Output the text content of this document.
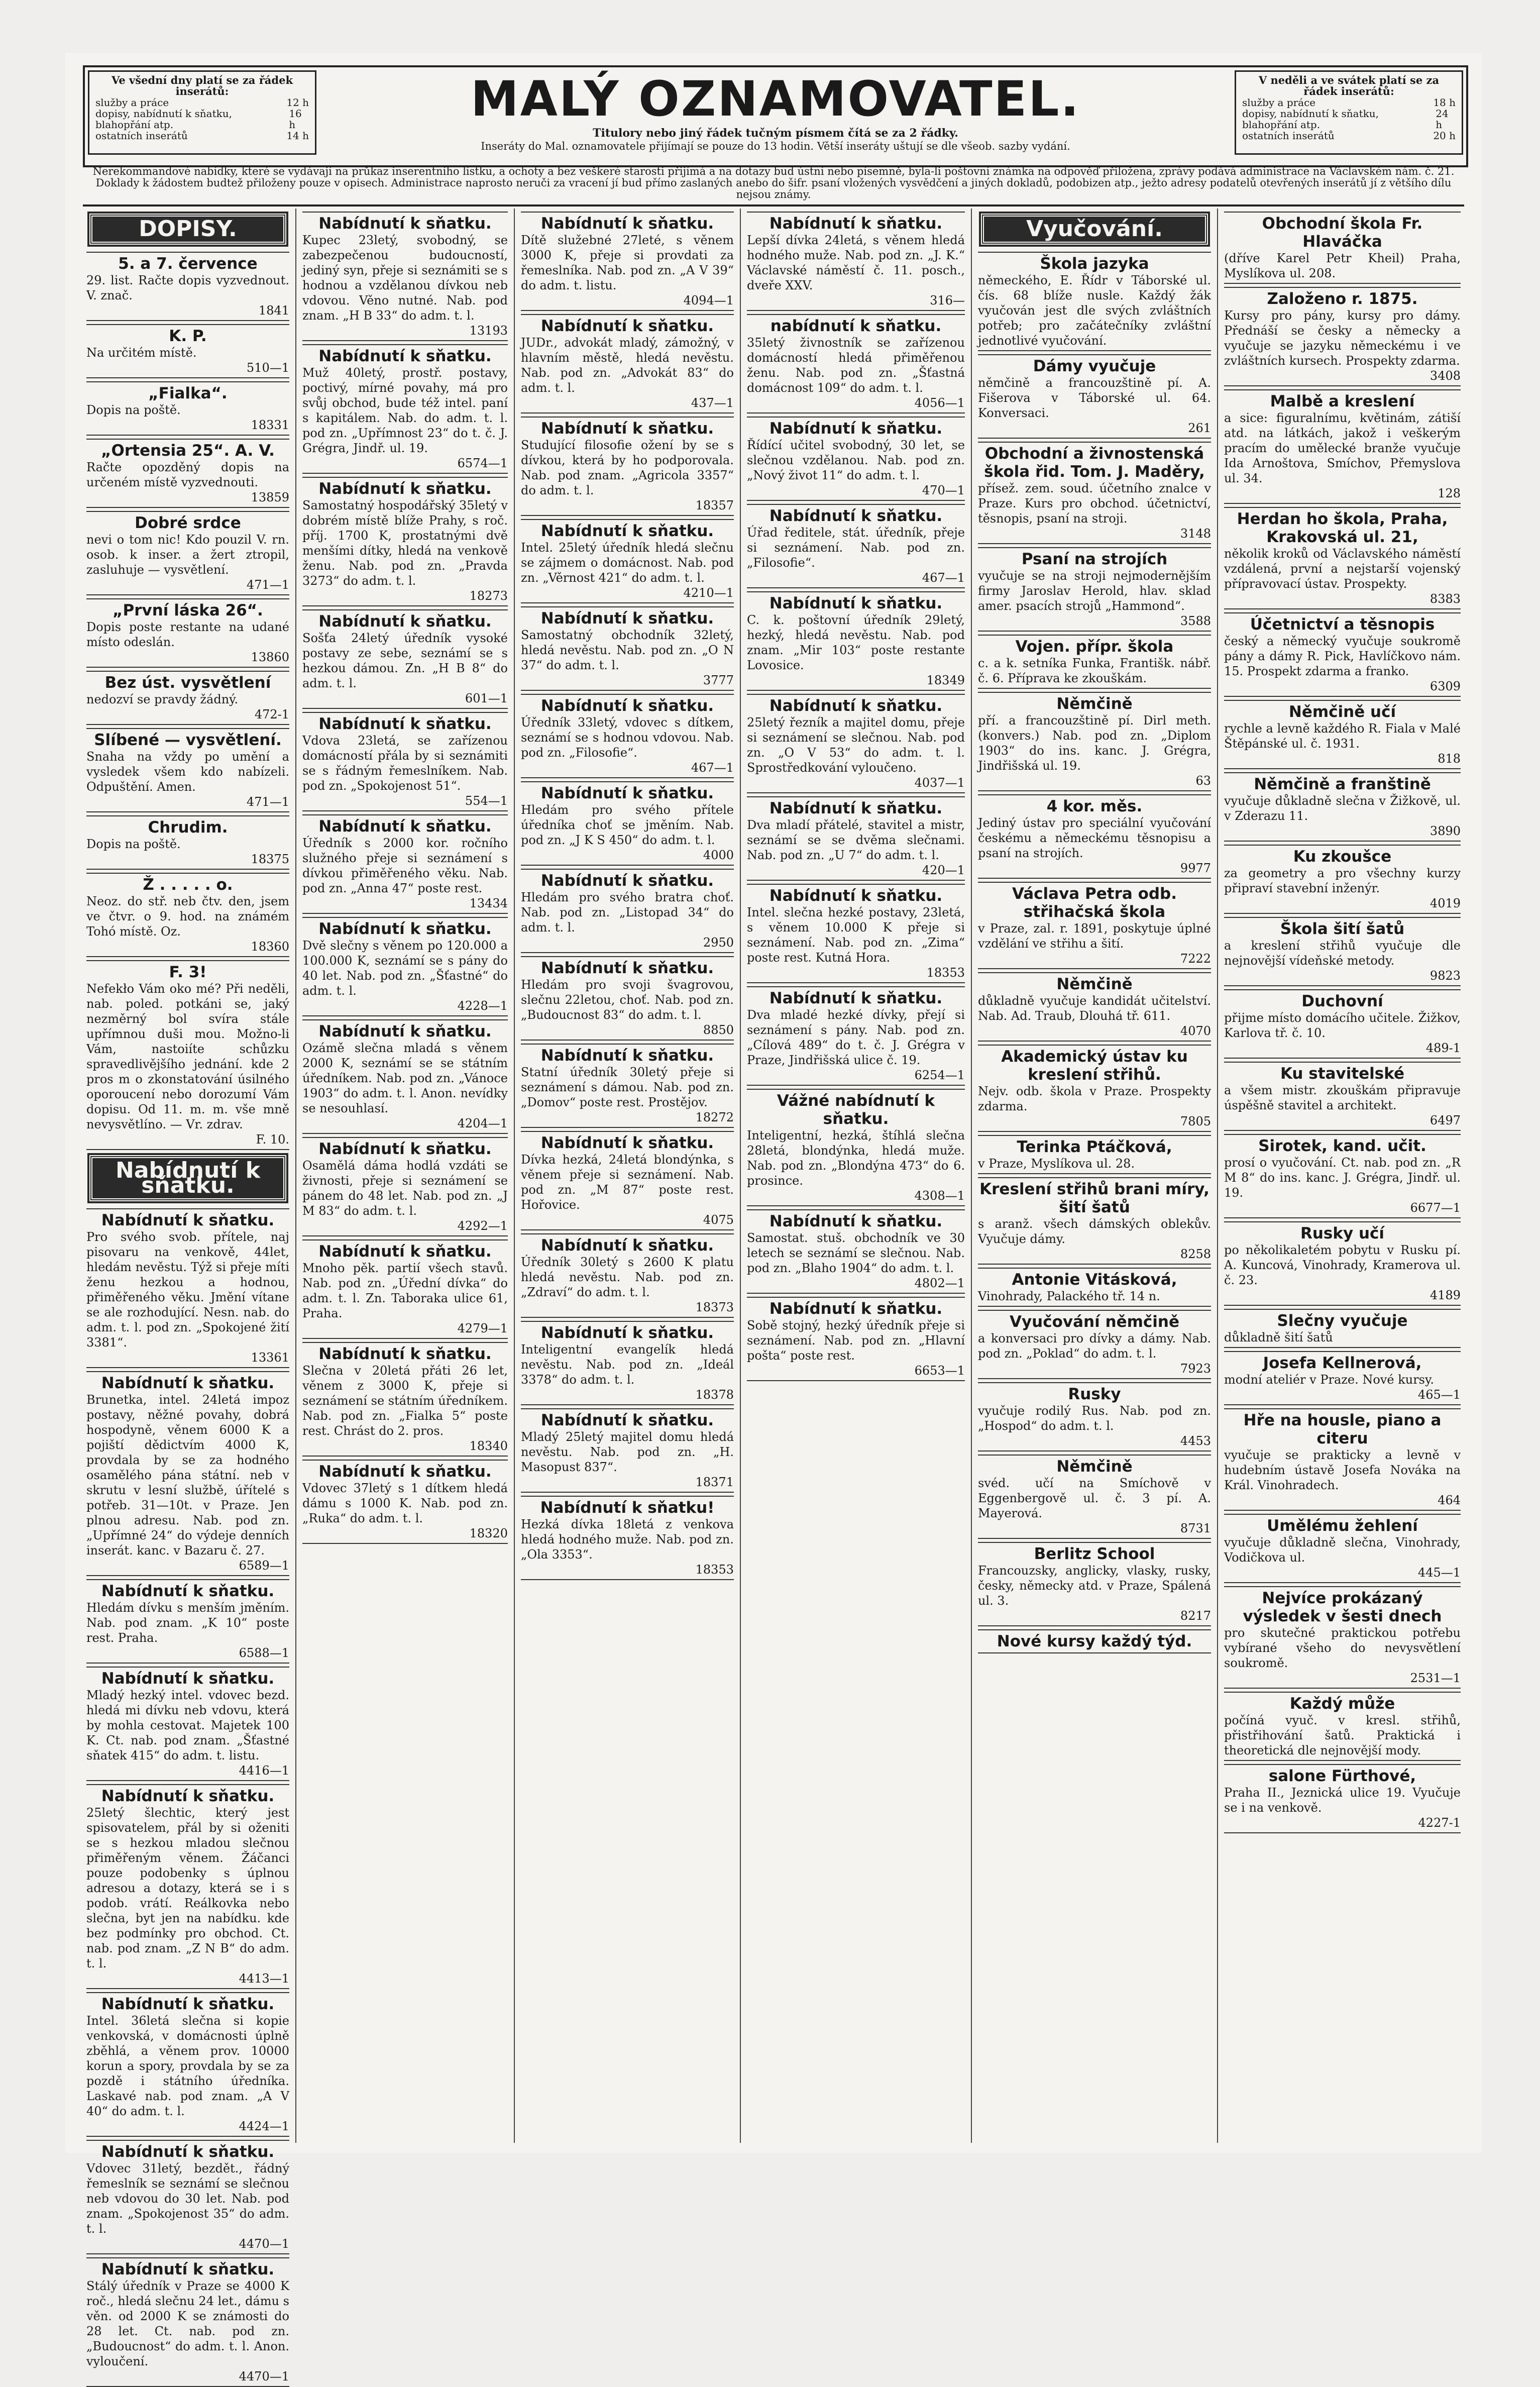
Ve všední dny platí se za řádek inserátů:
služby a práce	12 h
dopisy, nabídnutí k sňatku, blahopřání atp.
16 h
ostatních inserátů	14 h
MALÝ OZNAMOVATEL.
Titulory nebo jiný řádek tučným písmem čítá se za 2 řádky.
Inseráty do Mal. oznamovatele přijímají se pouze do 13 hodin. Větší inseráty uštují se dle všeob. sazby vydání.
V neděli a ve svátek platí se za řádek inserátů:
služby a práce	18 h
dopisy, nabídnutí k sňatku, blahopřání atp.
24 h
ostatních inserátů	20 h
Nerekommandové nabídky, které se vydávají na průkaz inserentního lístku, a ochoty a bez veškeré starosti přijímá a na dotazy bud ústní nebo písemně, byla-li poštovní známka na odpověď přiložena, zprávy podává administrace na Václavském nám. č. 21. Doklady k žádostem budtež přiloženy pouze v opisech. Administrace naprosto neruči za vracení jí bud přímo zaslaných anebo do šifr. psaní vložených vysvědčení a jiných dokladů, podobizen atp., ježto adresy podatelů otevřených inserátů jí z většího dílu nejsou známy.
DOPISY.
5. a 7. července

29. list. Račte dopis vyzvednout. V. znač.

1841
K. P.

Na určitém místě.

510—1
„Fialka“.

Dopis na poště.

18331
„Ortensia 25“. A. V.

Račte opozděný dopis na určeném místě vyzvednouti.

13859
Dobré srdce

nevi o tom nic! Kdo pouzil V. rn. osob. k inser. a žert ztropil, zasluhuje — vysvětlení.

471—1
„První láska 26“.

Dopis poste restante na udané místo odeslán.

13860
Bez úst. vysvětlení

nedozví se pravdy žádný.

472-1
Slíbené — vysvětlení.

Snaha na vždy po umění a vysledek všem kdo nabízeli. Odpuštění. Amen.

471—1
Chrudim.

Dopis na poště.

18375
Ž . . . . . o.

Neoz. do stř. neb čtv. den, jsem ve čtvr. o 9. hod. na známém Tohó místě. Oz.

18360
F. 3!

Nefekło Vám oko mé? Při neděli, nab. poled. potkáni se, jaký nezměrný bol svíra stále upřímnou duši mou. Možno-li Vám, nastoiíte schůzku spravedlivějšího jednání. kde 2 pros m o zkonstatování úsilného oporoucení nebo dorozumí Vám dopisu. Od 11. m. m. vše mně nevysvětlíno. — Vr. zdrav.

F. 10.
Nabídnutí k sňatku.
Nabídnutí k sňatku.

Pro svého svob. přítele, naj pisovaru na venkově, 44let, hledám nevěstu. Týž si přeje míti ženu hezkou a hodnou, přiměřeného věku. Jmění vítane se ale rozhodující. Nesn. nab. do adm. t. l. pod zn. „Spokojené žití 3381“.

13361
Nabídnutí k sňatku.

Brunetka, intel. 24letá impoz postavy, něžné povahy, dobrá hospodyně, věnem 6000 K a pojiští dědictvím 4000 K, provdala by se za hodného osamělého pána státní. neb v skrutu v lesní službě, úřítelé s potřeb. 31—10t. v Praze. Jen plnou adresu. Nab. pod zn. „Upřímné 24“ do výdeje denních inserát. kanc. v Bazaru č. 27.

6589—1
Nabídnutí k sňatku.

Hledám dívku s menším jměním. Nab. pod znam. „K 10“ poste rest. Praha.

6588—1
Nabídnutí k sňatku.

Mladý hezký intel. vdovec bezd. hledá mi dívku neb vdovu, která by mohla cestovat. Majetek 100 K. Ct. nab. pod znam. „Šťastné sňatek 415“ do adm. t. listu.

4416—1
Nabídnutí k sňatku.

25letý šlechtic, který jest spisovatelem, přál by si oženiti se s hezkou mladou slečnou přiměřeným věnem. Žáčanci pouze podobenky s úplnou adresou a dotazy, která se i s podob. vrátí. Reálkovka nebo slečna, byt jen na nabídku. kde bez podmínky pro obchod. Ct. nab. pod znam. „Z N B“ do adm. t. l.

4413—1
Nabídnutí k sňatku.

Intel. 36letá slečna si kopie venkovská, v domácnosti úplně zběhlá, a věnem prov. 10000 korun a spory, provdala by se za pozdě i státního úředníka. Laskavé nab. pod znam. „A V 40“ do adm. t. l.

4424—1
Nabídnutí k sňatku.

Vdovec 31letý, bezdět., řádný řemeslník se seznámí se slečnou neb vdovou do 30 let. Nab. pod znam. „Spokojenost 35“ do adm. t. l.

4470—1
Nabídnutí k sňatku.

Stálý úředník v Praze se 4000 K roč., hledá slečnu 24 let., dámu s věn. od 2000 K se známosti do 28 let. Ct. nab. pod zn. „Budoucnost“ do adm. t. l. Anon. vyloučení.

4470—1
Nabídnutí k sňatku.

Kupec 23letý, svobodný, se zabezpečenou budoucností, jediný syn, přeje si seznámiti se s hodnou a vzdělanou dívkou neb vdovou. Věno nutné. Nab. pod znam. „H B 33“ do adm. t. l.

13193
Nabídnutí k sňatku.

Muž 40letý, prostř. postavy, poctivý, mírné povahy, má pro svůj obchod, bude též intel. paní s kapitálem. Nab. do adm. t. l. pod zn. „Upřímnost 23“ do t. č. J. Grégra, Jindř. ul. 19.

6574—1
Nabídnutí k sňatku.

Samostatný hospodářský 35letý v dobrém místě blíže Prahy, s roč. příj. 1700 K, prostatnými dvě menšími dítky, hledá na venkově ženu. Nab. pod zn. „Pravda 3273“ do adm. t. l.

18273
Nabídnutí k sňatku.

Sošťa 24letý úředník vysoké postavy ze sebe, seznámí se s hezkou dámou. Zn. „H B 8“ do adm. t. l.

601—1
Nabídnutí k sňatku.

Vdova 23letá, se zařízenou domácností přála by si seznámiti se s řádným řemeslníkem. Nab. pod zn. „Spokojenost 51“.

554—1
Nabídnutí k sňatku.

Úředník s 2000 kor. ročního služného přeje si seznámení s dívkou přiměřeného věku. Nab. pod zn. „Anna 47“ poste rest.

13434
Nabídnutí k sňatku.

Dvě slečny s věnem po 120.000 a 100.000 K, seznámí se s pány do 40 let. Nab. pod zn. „Šťastné“ do adm. t. l.

4228—1
Nabídnutí k sňatku.

Ozámě slečna mladá s věnem 2000 K, seznámí se se státním úředníkem. Nab. pod zn. „Vánoce 1903“ do adm. t. l. Anon. nevídky se nesouhlasí.

4204—1
Nabídnutí k sňatku.

Osamělá dáma hodlá vzdáti se živnosti, přeje si seznámení se pánem do 48 let. Nab. pod zn. „J M 83“ do adm. t. l.

4292—1
Nabídnutí k sňatku.

Mnoho pěk. partií všech stavů. Nab. pod zn. „Úřední dívka“ do adm. t. l. Zn. Taboraka ulice 61, Praha.

4279—1
Nabídnutí k sňatku.

Slečna v 20letá přáti 26 let, věnem z 3000 K, přeje si seznámení se státním úředníkem. Nab. pod zn. „Fialka 5“ poste rest. Chrást do 2. pros.

18340
Nabídnutí k sňatku.

Vdovec 37letý s 1 dítkem hledá dámu s 1000 K. Nab. pod zn. „Ruka“ do adm. t. l.

18320
Nabídnutí k sňatku.

Dítě služebné 27leté, s věnem 3000 K, přeje si provdati za řemeslníka. Nab. pod zn. „A V 39“ do adm. t. listu.

4094—1
Nabídnutí k sňatku.

JUDr., advokát mladý, zámožný, v hlavním městě, hledá nevěstu. Nab. pod zn. „Advokát 83“ do adm. t. l.

437—1
Nabídnutí k sňatku.

Studující filosofie ožení by se s dívkou, která by ho podporovala. Nab. pod znam. „Agricola 3357“ do adm. t. l.

18357
Nabídnutí k sňatku.

Intel. 25letý úředník hledá slečnu se zájmem o domácnost. Nab. pod zn. „Věrnost 421“ do adm. t. l.

4210—1
Nabídnutí k sňatku.

Samostatný obchodník 32letý, hledá nevěstu. Nab. pod zn. „O N 37“ do adm. t. l.

3777
Nabídnutí k sňatku.

Úředník 33letý, vdovec s dítkem, seznámí se s hodnou vdovou. Nab. pod zn. „Filosofie“.

467—1
Nabídnutí k sňatku.

Hledám pro svého přítele úředníka choť se jměním. Nab. pod zn. „J K S 450“ do adm. t. l.

4000
Nabídnutí k sňatku.

Hledám pro svého bratra choť. Nab. pod zn. „Listopad 34“ do adm. t. l.

2950
Nabídnutí k sňatku.

Hledám pro svoji švagrovou, slečnu 22letou, choť. Nab. pod zn. „Budoucnost 83“ do adm. t. l.

8850
Nabídnutí k sňatku.

Statní úředník 30letý přeje si seznámení s dámou. Nab. pod zn. „Domov“ poste rest. Prostějov.

18272
Nabídnutí k sňatku.

Dívka hezká, 24letá blondýnka, s věnem přeje si seznámení. Nab. pod zn. „M 87“ poste rest. Hořovice.

4075
Nabídnutí k sňatku.

Úředník 30letý s 2600 K platu hledá nevěstu. Nab. pod zn. „Zdraví“ do adm. t. l.

18373
Nabídnutí k sňatku.

Inteligentní evangelík hledá nevěstu. Nab. pod zn. „Ideál 3378“ do adm. t. l.

18378
Nabídnutí k sňatku.

Mladý 25letý majitel domu hledá nevěstu. Nab. pod zn. „H. Masopust 837“.

18371
Nabídnutí k sňatku!

Hezká dívka 18letá z venkova hledá hodného muže. Nab. pod zn. „Ola 3353“.

18353
Nabídnutí k sňatku.

Lepší dívka 24letá, s věnem hledá hodného muže. Nab. pod zn. „J. K.“ Václavské náměstí č. 11. posch., dveře XXV.

316—
nabídnutí k sňatku.

35letý živnostník se zařízenou domácností hledá přiměřenou ženu. Nab. pod zn. „Šťastná domácnost 109“ do adm. t. l.

4056—1
Nabídnutí k sňatku.

Řídící učitel svobodný, 30 let, se slečnou vzdělanou. Nab. pod zn. „Nový život 11“ do adm. t. l.

470—1
Nabídnutí k sňatku.

Úřad ředitele, stát. úředník, přeje si seznámení. Nab. pod zn. „Filosofie“.

467—1
Nabídnutí k sňatku.

C. k. poštovní úředník 29letý, hezký, hledá nevěstu. Nab. pod znam. „Mir 103“ poste restante Lovosice.

18349
Nabídnutí k sňatku.

25letý řezník a majitel domu, přeje si seznámení se slečnou. Nab. pod zn. „O V 53“ do adm. t. l. Sprostředkování vyloučeno.

4037—1
Nabídnutí k sňatku.

Dva mladí přátelé, stavitel a mistr, seznámí se se dvěma slečnami. Nab. pod zn. „U 7“ do adm. t. l.

420—1
Nabídnutí k sňatku.

Intel. slečna hezké postavy, 23letá, s věnem 10.000 K přeje si seznámení. Nab. pod zn. „Zima“ poste rest. Kutná Hora.

18353
Nabídnutí k sňatku.

Dva mladé hezké dívky, přejí si seznámení s pány. Nab. pod zn. „Cílová 489“ do t. č. J. Grégra v Praze, Jindřišská ulice č. 19.

6254—1
Vážné nabídnutí k sňatku.

Inteligentní, hezká, štíhlá slečna 28letá, blondýnka, hledá muže. Nab. pod zn. „Blondýna 473“ do 6. prosince.

4308—1
Nabídnutí k sňatku.

Samostat. stuš. obchodník ve 30 letech se seznámí se slečnou. Nab. pod zn. „Blaho 1904“ do adm. t. l.

4802—1
Nabídnutí k sňatku.

Sobě stojný, hezký úředník přeje si seznámení. Nab. pod zn. „Hlavní pošta“ poste rest.

6653—1
Vyučování.
Škola jazyka

německého, E. Řídr v Táborské ul. čís. 68 blíže nusle. Každý žák vyučován jest dle svých zvláštních potřeb; pro začátečníky zvláštní jednotlivé vyučování.

Dámy vyučuje

němčině a francouzštině pí. A. Fišerova v Táborské ul. 64. Konversaci.

261
Obchodní a živnostenská škola řid. Tom. J. Maděry,

přísež. zem. soud. účetního znalce v Praze. Kurs pro obchod. účetnictví, těsnopis, psaní na stroji.

3148
Psaní na strojích

vyučuje se na stroji nejmodernějším firmy Jaroslav Herold, hlav. sklad amer. psacích strojů „Hammond“.

3588
Vojen. přípr. škola

c. a k. setníka Funka, Františk. nábř. č. 6. Příprava ke zkouškám.

Němčině

pří. a francouzštině pí. Dirl meth. (konvers.) Nab. pod zn. „Diplom 1903“ do ins. kanc. J. Grégra, Jindřišská ul. 19.

63
4 kor. měs.

Jediný ústav pro speciální vyučování českému a německému těsnopisu a psaní na strojích.

9977
Václava Petra odb. střihačská škola

v Praze, zal. r. 1891, poskytuje úplné vzdělání ve střihu a šití.

7222
Němčině

důkladně vyučuje kandidát učitelství. Nab. Ad. Traub, Dlouhá tř. 611.

4070
Akademický ústav ku kreslení střihů.

Nejv. odb. škola v Praze. Prospekty zdarma.

7805
Terinka Ptáčková,

v Praze, Myslíkova ul. 28.

Kreslení střihů brani míry, šití šatů

s aranž. všech dámských oblekův. Vyučuje dámy.

8258
Antonie Vitásková,

Vinohrady, Palackého tř. 14 n.

Vyučování němčině

a konversaci pro dívky a dámy. Nab. pod zn. „Poklad“ do adm. t. l.

7923
Rusky

vyučuje rodilý Rus. Nab. pod zn. „Hospod“ do adm. t. l.

4453
Němčině

svéd. učí na Smíchově v Eggenbergově ul. č. 3 pí. A. Mayerová.

8731
Berlitz School

Francouzsky, anglicky, vlasky, rusky, česky, německy atd. v Praze, Spálená ul. 3.

8217
Nové kursy každý týd.
Obchodní škola Fr. Hlaváčka

(dříve Karel Petr Kheil) Praha, Myslíkova ul. 208.

Založeno r. 1875.

Kursy pro pány, kursy pro dámy. Přednáší se česky a německy a vyučuje se jazyku německému i ve zvláštních kursech. Prospekty zdarma.

3408
Malbě a kreslení

a sice: figuralnímu, květinám, zátiší atd. na látkách, jakož i veškerým pracím do umělecké branže vyučuje Ida Arnoštova, Smíchov, Přemyslova ul. 34.

128
Herdan ho škola, Praha, Krakovská ul. 21,

několik kroků od Václavského náměstí vzdálená, první a nejstarší vojenský přípravovací ústav. Prospekty.

8383
Účetnictví a těsnopis

český a německý vyučuje soukromě pány a dámy R. Pick, Havlíčkovo nám. 15. Prospekt zdarma a franko.

6309
Němčině učí

rychle a levně každého R. Fiala v Malé Štěpánské ul. č. 1931.

818
Němčině a franštině

vyučuje důkladně slečna v Žižkově, ul. v Zderazu 11.

3890
Ku zkoušce

za geometry a pro všechny kurzy připraví stavební inženýr.

4019
Škola šití šatů

a kreslení střihů vyučuje dle nejnovější vídeňské metody.

9823
Duchovní

přijme místo domácího učitele. Žižkov, Karlova tř. č. 10.

489-1
Ku stavitelské

a všem mistr. zkouškám připravuje úspěšně stavitel a architekt.

6497
Sirotek, kand. učit.

prosí o vyučování. Ct. nab. pod zn. „R M 8“ do ins. kanc. J. Grégra, Jindř. ul. 19.

6677—1
Rusky učí

po několikaletém pobytu v Rusku pí. A. Kuncová, Vinohrady, Kramerova ul. č. 23.

4189
Slečny vyučuje

důkladně šití šatů

Josefa Kellnerová,

modní ateliér v Praze. Nové kursy.

465—1
Hře na housle, piano a citeru

vyučuje se prakticky a levně v hudebním ústavě Josefa Nováka na Král. Vinohradech.

464
Umělému žehlení

vyučuje důkladně slečna, Vinohrady, Vodičkova ul.

445—1
Nejvíce prokázaný výsledek v šesti dnech

pro skutečné praktickou potřebu vybírané všeho do nevysvětlení soukromě.

2531—1
Každý může

počíná vyuč. v kresl. střihů, přistřihování šatů. Praktická i theoretická dle nejnovější mody.

salone Fürthové,

Praha II., Jeznická ulice 19. Vyučuje se i na venkově.

4227-1
